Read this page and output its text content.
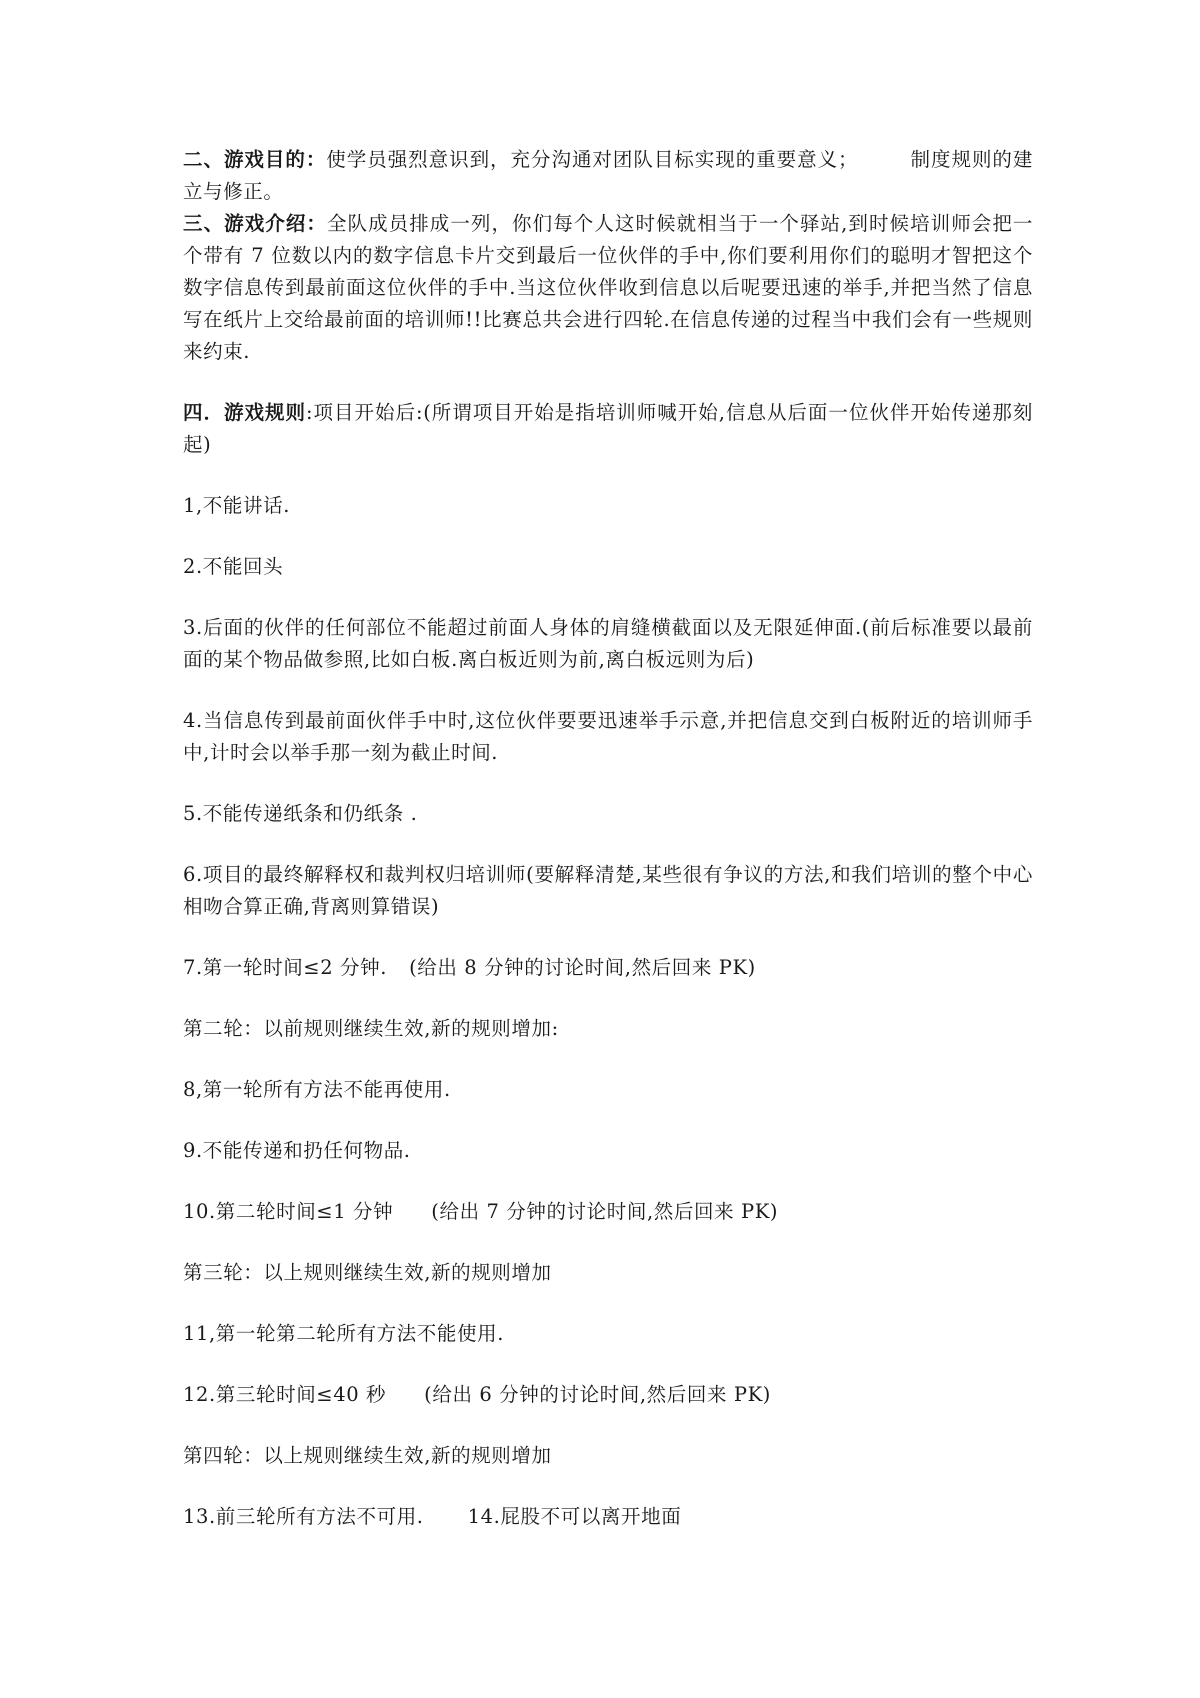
二、游戏目的：使学员强烈意识到，充分沟通对团队目标实现的重要意义；	制度规则的建立与修正。

三、游戏介绍：全队成员排成一列，你们每个人这时候就相当于一个驿站,到时候培训师会把一个带有 7 位数以内的数字信息卡片交到最后一位伙伴的手中,你们要利用你们的聪明才智把这个数字信息传到最前面这位伙伴的手中.当这位伙伴收到信息以后呢要迅速的举手,并把当然了信息写在纸片上交给最前面的培训师!!比赛总共会进行四轮.在信息传递的过程当中我们会有一些规则来约束.

四．游戏规则:项目开始后:(所谓项目开始是指培训师喊开始,信息从后面一位伙伴开始传递那刻起)

1,不能讲话.

2.不能回头

3.后面的伙伴的任何部位不能超过前面人身体的肩缝横截面以及无限延伸面.(前后标准要以最前面的某个物品做参照,比如白板.离白板近则为前,离白板远则为后)

4.当信息传到最前面伙伴手中时,这位伙伴要要迅速举手示意,并把信息交到白板附近的培训师手中,计时会以举手那一刻为截止时间.

5.不能传递纸条和仍纸条 .

6.项目的最终解释权和裁判权归培训师(要解释清楚,某些很有争议的方法,和我们培训的整个中心相吻合算正确,背离则算错误)

7.第一轮时间≤2 分钟. (给出 8 分钟的讨论时间,然后回来 PK)

第二轮：以前规则继续生效,新的规则增加:

8,第一轮所有方法不能再使用.

9.不能传递和扔任何物品.

10.第二轮时间≤1 分钟 (给出 7 分钟的讨论时间,然后回来 PK)

第三轮：以上规则继续生效,新的规则增加

11,第一轮第二轮所有方法不能使用.

12.第三轮时间≤40 秒 (给出 6 分钟的讨论时间,然后回来 PK)

第四轮：以上规则继续生效,新的规则增加

13.前三轮所有方法不可用. 14.屁股不可以离开地面
